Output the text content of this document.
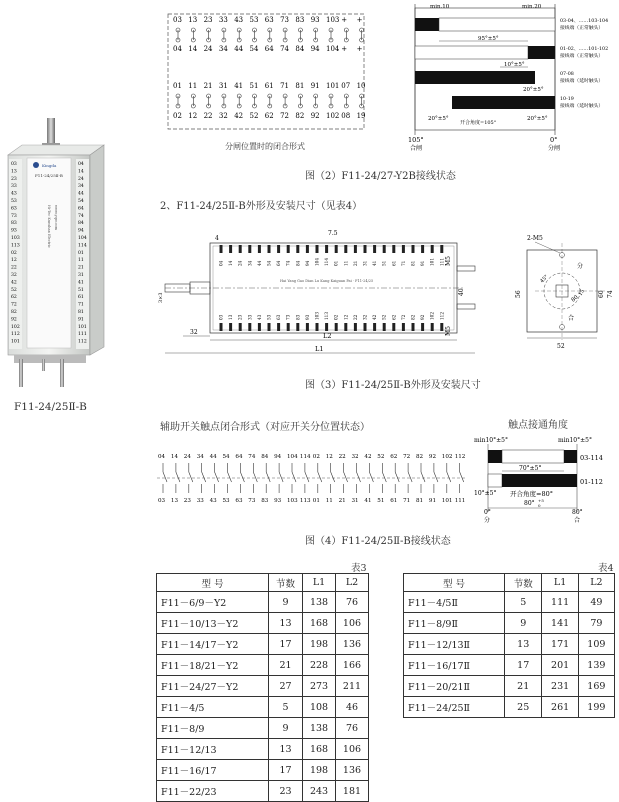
03
13
23
33
43
53
63
73
83
93
103
113
02
12
22
32
42
52
62
72
82
92
102
112
101
04
14
24
34
44
54
64
74
84
94
104
114
01
11
21
31
41
51
61
71
81
91
101
111
112
Kingda
F11-24/25Ⅱ-B
Hi-Tec Kunshan Electric www.yqw.com
F11-24/25Ⅱ-B
03
04
13
14
23
24
33
34
43
44
53
54
63
64
73
74
83
84
93
94
103
104
+
+
+
+
01
02
11
12
21
22
31
32
41
42
51
52
61
62
71
72
81
82
91
92
101
102
07
08
10
19
分闸位置时的闭合形式
min.10	min.20
95°±5°
10°±5°
20°±5°
20°±5°	20°±5°
开合角度=105°
03-04、……103-104
接线端（正常触头）
01-02、……101-102
接线端（正常触头）
07-08
接线端（延时触头）
10-19
接线端（延时触头）
105°
合闸
0°
分闸
图（2）F11-24/27-Y2B接线状态
2、F11-24/25Ⅱ-B外形及安装尺寸（见表4）
04 14 24 34 44 54 64 74 84 94 104 114 01 11 21 31 41 51 61 71 81 91 101 111
03 13 23 33 43 53 63 73 83 93 103 113 02 12 22 32 42 52 62 72 82 92 102 112
Hai Yang Gao Dian Lu Kang Kaiguan Pai · F11-24/25
4
7.5
M5
40
M5
3×3
32	L2
L1
2-M5
分
合
56	60 74
52
80
15
45°
图（3）F11-24/25Ⅱ-B外形及安装尺寸
辅助开关触点闭合形式（对应开关分位置状态）	触点接通角度
04 14 24 34 44 54 64 74 84 94 104 114 02 12 22 32 42 52 62 72 82 92 102 112
03 13 23 33 43 53 63 73 83 93 103 113 01 11 21 31 41 51 61 71 81 91 101 111
min10°±5°	min10°±5°
03-114
70°±5°
01-112
10°±5° 开合角度=80°
80° +5
0
0°
分
80°
合
图（4）F11-24/25Ⅱ-B接线状态
表3
型 号	节数	L1	L2
F11－6/9－Y2	9	138	76
F11－10/13－Y2	13	168	106
F11－14/17－Y2	17	198	136
F11－18/21－Y2	21	228	166
F11－24/27－Y2	27	273	211
F11－4/5	5	108	46
F11－8/9	9	138	76
F11－12/13	13	168	106
F11－16/17	17	198	136
F11－22/23	23	243	181
表4
型 号	节数	L1	L2
F11－4/5Ⅱ	5	111	49
F11－8/9Ⅱ	9	141	79
F11－12/13Ⅱ	13	171	109
F11－16/17Ⅱ	17	201	139
F11－20/21Ⅱ	21	231	169
F11－24/25Ⅱ	25	261	199
